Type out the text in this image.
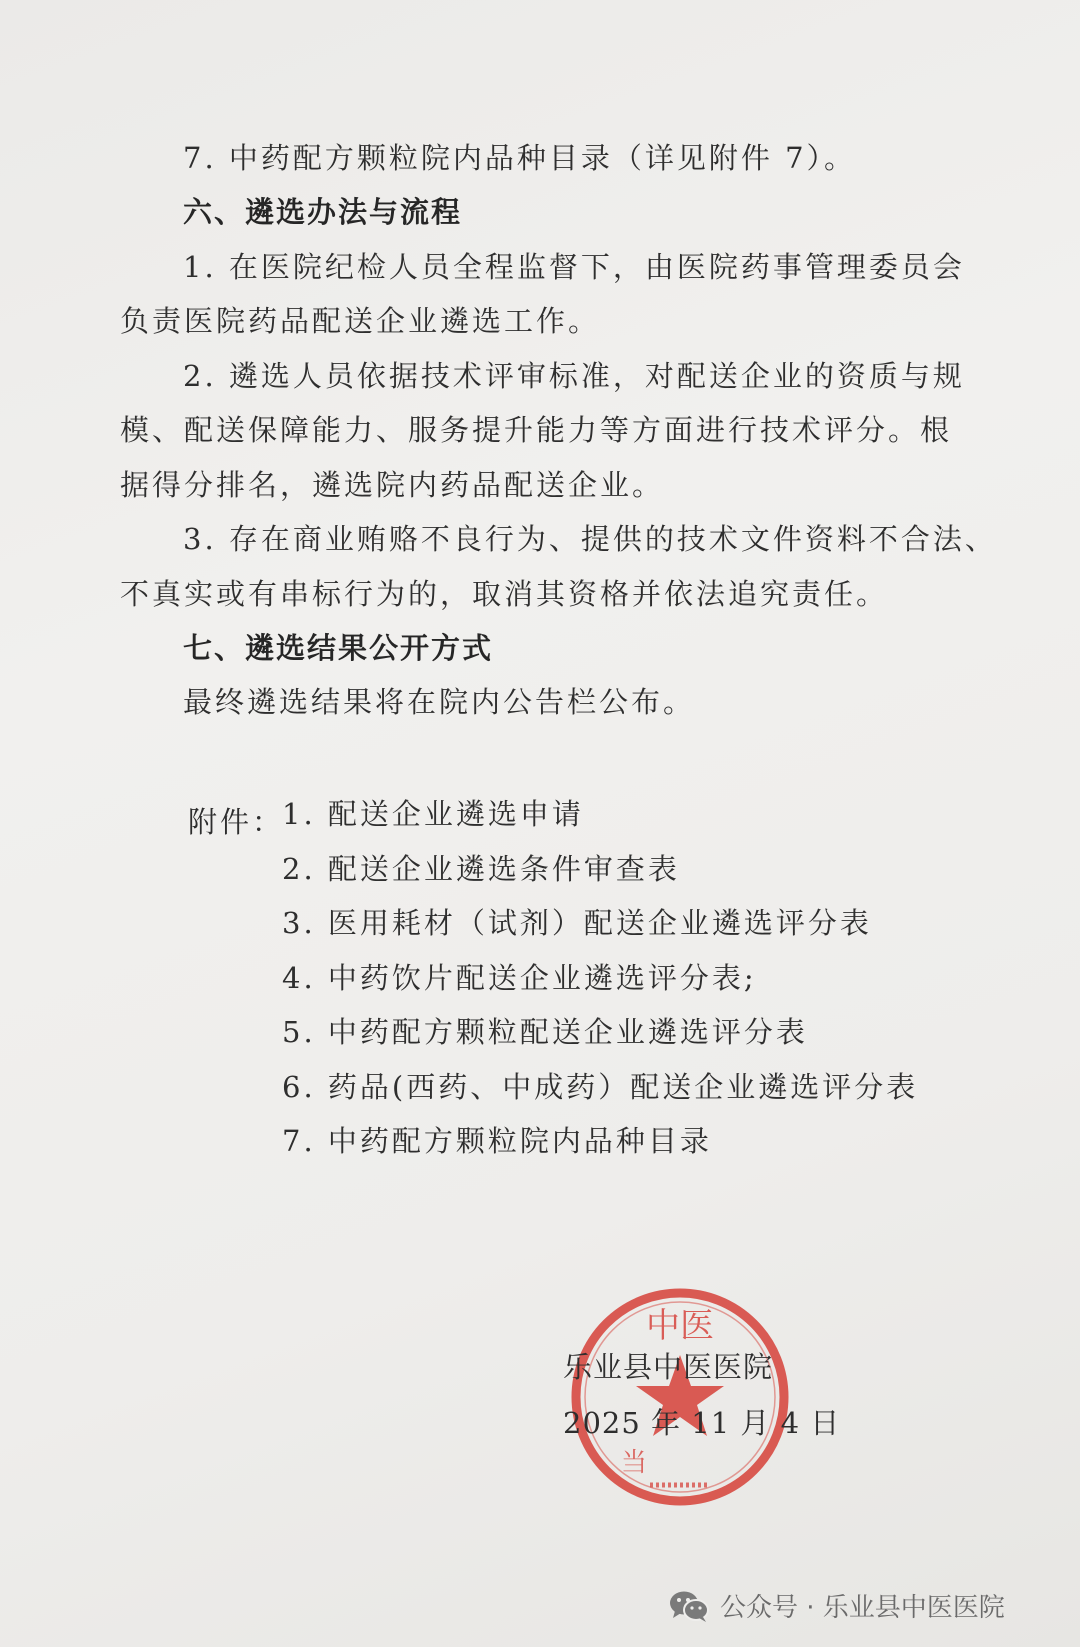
7. 中药配方颗粒院内品种目录（详见附件 7）。
六、遴选办法与流程
1. 在医院纪检人员全程监督下，由医院药事管理委员会
负责医院药品配送企业遴选工作。
2. 遴选人员依据技术评审标准，对配送企业的资质与规
模、配送保障能力、服务提升能力等方面进行技术评分。根
据得分排名，遴选院内药品配送企业。
3. 存在商业贿赂不良行为、提供的技术文件资料不合法、
不真实或有串标行为的，取消其资格并依法追究责任。
七、遴选结果公开方式
最终遴选结果将在院内公告栏公布。
附件：
1. 配送企业遴选申请
2. 配送企业遴选条件审查表
3. 医用耗材（试剂）配送企业遴选评分表
4. 中药饮片配送企业遴选评分表;
5. 中药配方颗粒配送企业遴选评分表
6. 药品(西药、中成药）配送企业遴选评分表
7. 中药配方颗粒院内品种目录
中医
当
乐业县中医医院
2025 年 11 月 4 日
公众号 · 乐业县中医医院
